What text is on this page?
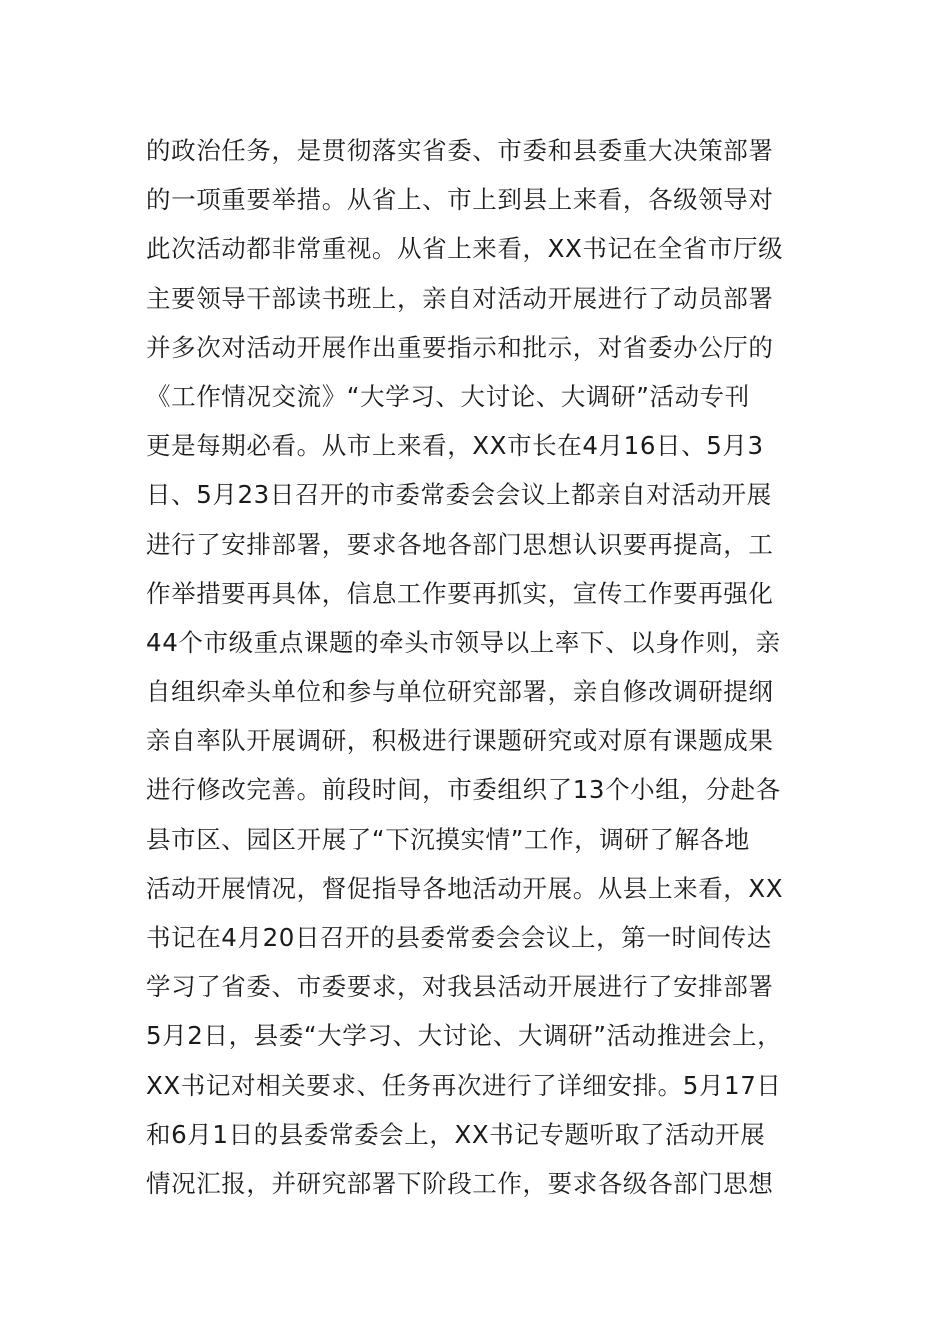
的政治任务，是贯彻落实省委、市委和县委重大决策部署
的一项重要举措。从省上、市上到县上来看，各级领导对
此次活动都非常重视。从省上来看，XX书记在全省市厅级
主要领导干部读书班上，亲自对活动开展进行了动员部署
并多次对活动开展作出重要指示和批示，对省委办公厅的
《工作情况交流》“大学习、大讨论、大调研”活动专刊
更是每期必看。从市上来看，XX市长在4月16日、5月3
日、5月23日召开的市委常委会会议上都亲自对活动开展
进行了安排部署，要求各地各部门思想认识要再提高，工
作举措要再具体，信息工作要再抓实，宣传工作要再强化
44个市级重点课题的牵头市领导以上率下、以身作则，亲
自组织牵头单位和参与单位研究部署，亲自修改调研提纲
亲自率队开展调研，积极进行课题研究或对原有课题成果
进行修改完善。前段时间，市委组织了13个小组，分赴各
县市区、园区开展了“下沉摸实情”工作，调研了解各地
活动开展情况，督促指导各地活动开展。从县上来看，XX
书记在4月20日召开的县委常委会会议上，第一时间传达
学习了省委、市委要求，对我县活动开展进行了安排部署
5月2日，县委“大学习、大讨论、大调研”活动推进会上，
XX书记对相关要求、任务再次进行了详细安排。5月17日
和6月1日的县委常委会上，XX书记专题听取了活动开展
情况汇报，并研究部署下阶段工作，要求各级各部门思想
